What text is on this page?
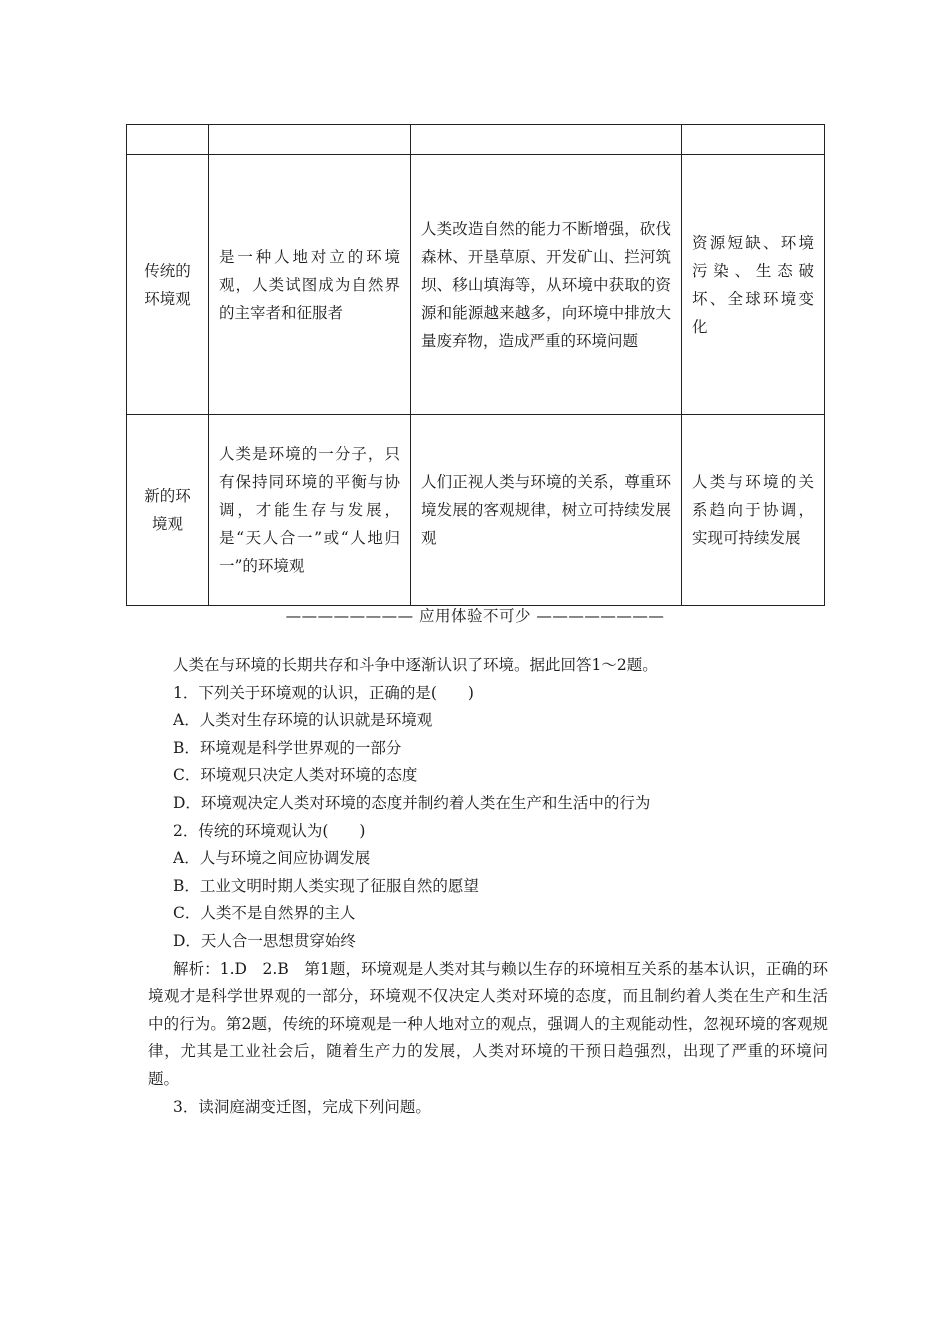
传统的环境观	是一种人地对立的环境观，人类试图成为自然界的主宰者和征服者	人类改造自然的能力不断增强，砍伐森林、开垦草原、开发矿山、拦河筑坝、移山填海等，从环境中获取的资源和能源越来越多，向环境中排放大量废弃物，造成严重的环境问题	资源短缺、环境污染、生态破坏、全球环境变化
新的环境观	人类是环境的一分子，只有保持同环境的平衡与协调，才能生存与发展，是“天人合一”或“人地归一”的环境观	人们正视人类与环境的关系，尊重环境发展的客观规律，树立可持续发展观	人类与环境的关系趋向于协调，实现可持续发展
———————— 应用体验不可少 ————————

人类在与环境的长期共存和斗争中逐渐认识了环境。据此回答1～2题。

1．下列关于环境观的认识，正确的是(　　)

A．人类对生存环境的认识就是环境观

B．环境观是科学世界观的一部分

C．环境观只决定人类对环境的态度

D．环境观决定人类对环境的态度并制约着人类在生产和生活中的行为

2．传统的环境观认为(　　)

A．人与环境之间应协调发展

B．工业文明时期人类实现了征服自然的愿望

C．人类不是自然界的主人

D．天人合一思想贯穿始终

解析：1.D　2.B　第1题，环境观是人类对其与赖以生存的环境相互关系的基本认识，正确的环境观才是科学世界观的一部分，环境观不仅决定人类对环境的态度，而且制约着人类在生产和生活中的行为。第2题，传统的环境观是一种人地对立的观点，强调人的主观能动性，忽视环境的客观规律，尤其是工业社会后，随着生产力的发展，人类对环境的干预日趋强烈，出现了严重的环境问题。

3．读洞庭湖变迁图，完成下列问题。
